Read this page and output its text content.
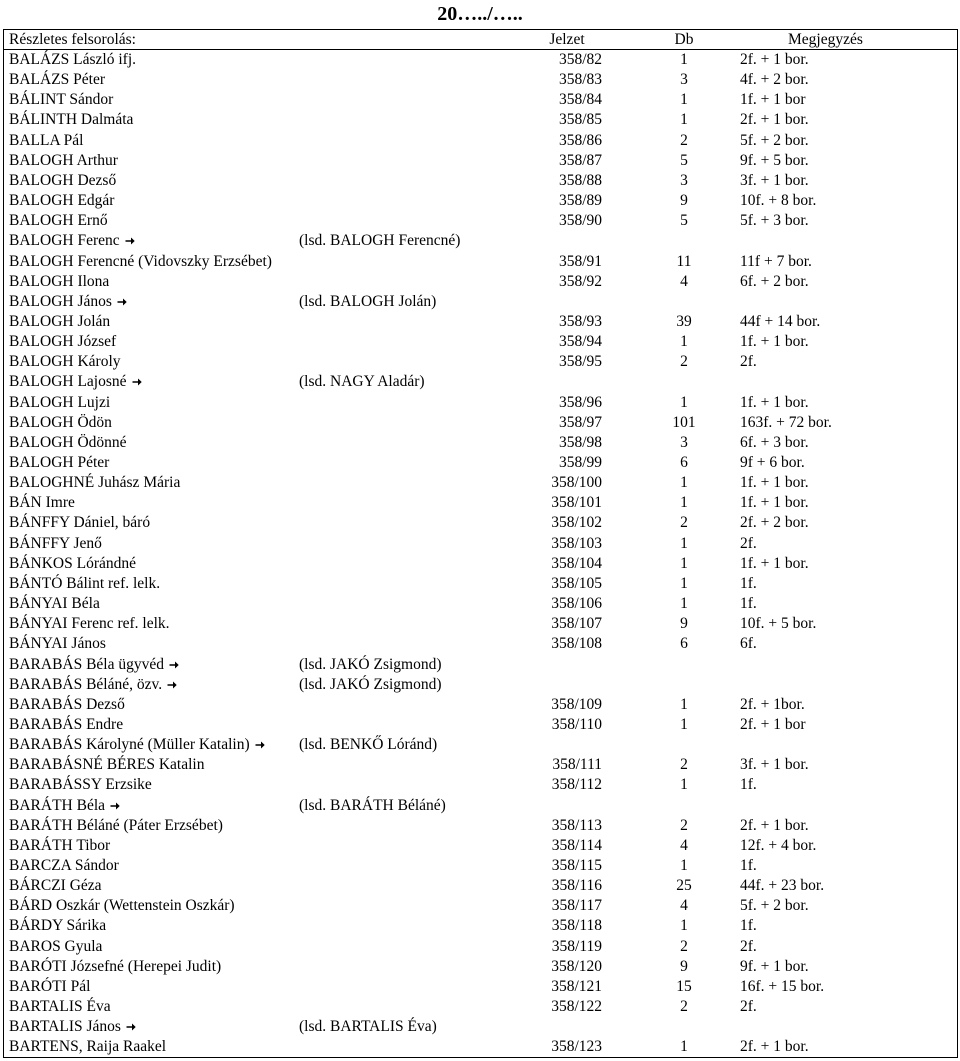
20…../…..
Részletes felsorolás:	Jelzet	Db	Megjegyzés
BALÁZS László ifj.	358/82	1	2f. + 1 bor.
BALÁZS Péter	358/83	3	4f. + 2 bor.
BÁLINT Sándor	358/84	1	1f. + 1 bor
BÁLINTH Dalmáta	358/85	1	2f. + 1 bor.
BALLA Pál	358/86	2	5f. + 2 bor.
BALOGH Arthur	358/87	5	9f. + 5 bor.
BALOGH Dezső	358/88	3	3f. + 1 bor.
BALOGH Edgár	358/89	9	10f. + 8 bor.
BALOGH Ernő	358/90	5	5f. + 3 bor.
BALOGH Ferenc	(lsd. BALOGH Ferencné)
BALOGH Ferencné (Vidovszky Erzsébet)	358/91	11	11f + 7 bor.
BALOGH Ilona	358/92	4	6f. + 2 bor.
BALOGH János	(lsd. BALOGH Jolán)
BALOGH Jolán	358/93	39	44f + 14 bor.
BALOGH József	358/94	1	1f. + 1 bor.
BALOGH Károly	358/95	2	2f.
BALOGH Lajosné	(lsd. NAGY Aladár)
BALOGH Lujzi	358/96	1	1f. + 1 bor.
BALOGH Ödön	358/97	101	163f. + 72 bor.
BALOGH Ödönné	358/98	3	6f. + 3 bor.
BALOGH Péter	358/99	6	9f + 6 bor.
BALOGHNÉ Juhász Mária	358/100	1	1f. + 1 bor.
BÁN Imre	358/101	1	1f. + 1 bor.
BÁNFFY Dániel, báró	358/102	2	2f. + 2 bor.
BÁNFFY Jenő	358/103	1	2f.
BÁNKOS Lórándné	358/104	1	1f. + 1 bor.
BÁNTÓ Bálint ref. lelk.	358/105	1	1f.
BÁNYAI Béla	358/106	1	1f.
BÁNYAI Ferenc ref. lelk.	358/107	9	10f. + 5 bor.
BÁNYAI János	358/108	6	6f.
BARABÁS Béla ügyvéd	(lsd. JAKÓ Zsigmond)
BARABÁS Béláné, özv.	(lsd. JAKÓ Zsigmond)
BARABÁS Dezső	358/109	1	2f. + 1bor.
BARABÁS Endre	358/110	1	2f. + 1 bor
BARABÁS Károlyné (Müller Katalin)	(lsd. BENKŐ Lóránd)
BARABÁSNÉ BÉRES Katalin	358/111	2	3f. + 1 bor.
BARABÁSSY Erzsike	358/112	1	1f.
BARÁTH Béla	(lsd. BARÁTH Béláné)
BARÁTH Béláné (Páter Erzsébet)	358/113	2	2f. + 1 bor.
BARÁTH Tibor	358/114	4	12f. + 4 bor.
BARCZA Sándor	358/115	1	1f.
BÁRCZI Géza	358/116	25	44f. + 23 bor.
BÁRD Oszkár (Wettenstein Oszkár)	358/117	4	5f. + 2 bor.
BÁRDY Sárika	358/118	1	1f.
BAROS Gyula	358/119	2	2f.
BARÓTI Józsefné (Herepei Judit)	358/120	9	9f. + 1 bor.
BARÓTI Pál	358/121	15	16f. + 15 bor.
BARTALIS Éva	358/122	2	2f.
BARTALIS János	(lsd. BARTALIS Éva)
BARTENS, Raija Raakel	358/123	1	2f. + 1 bor.
